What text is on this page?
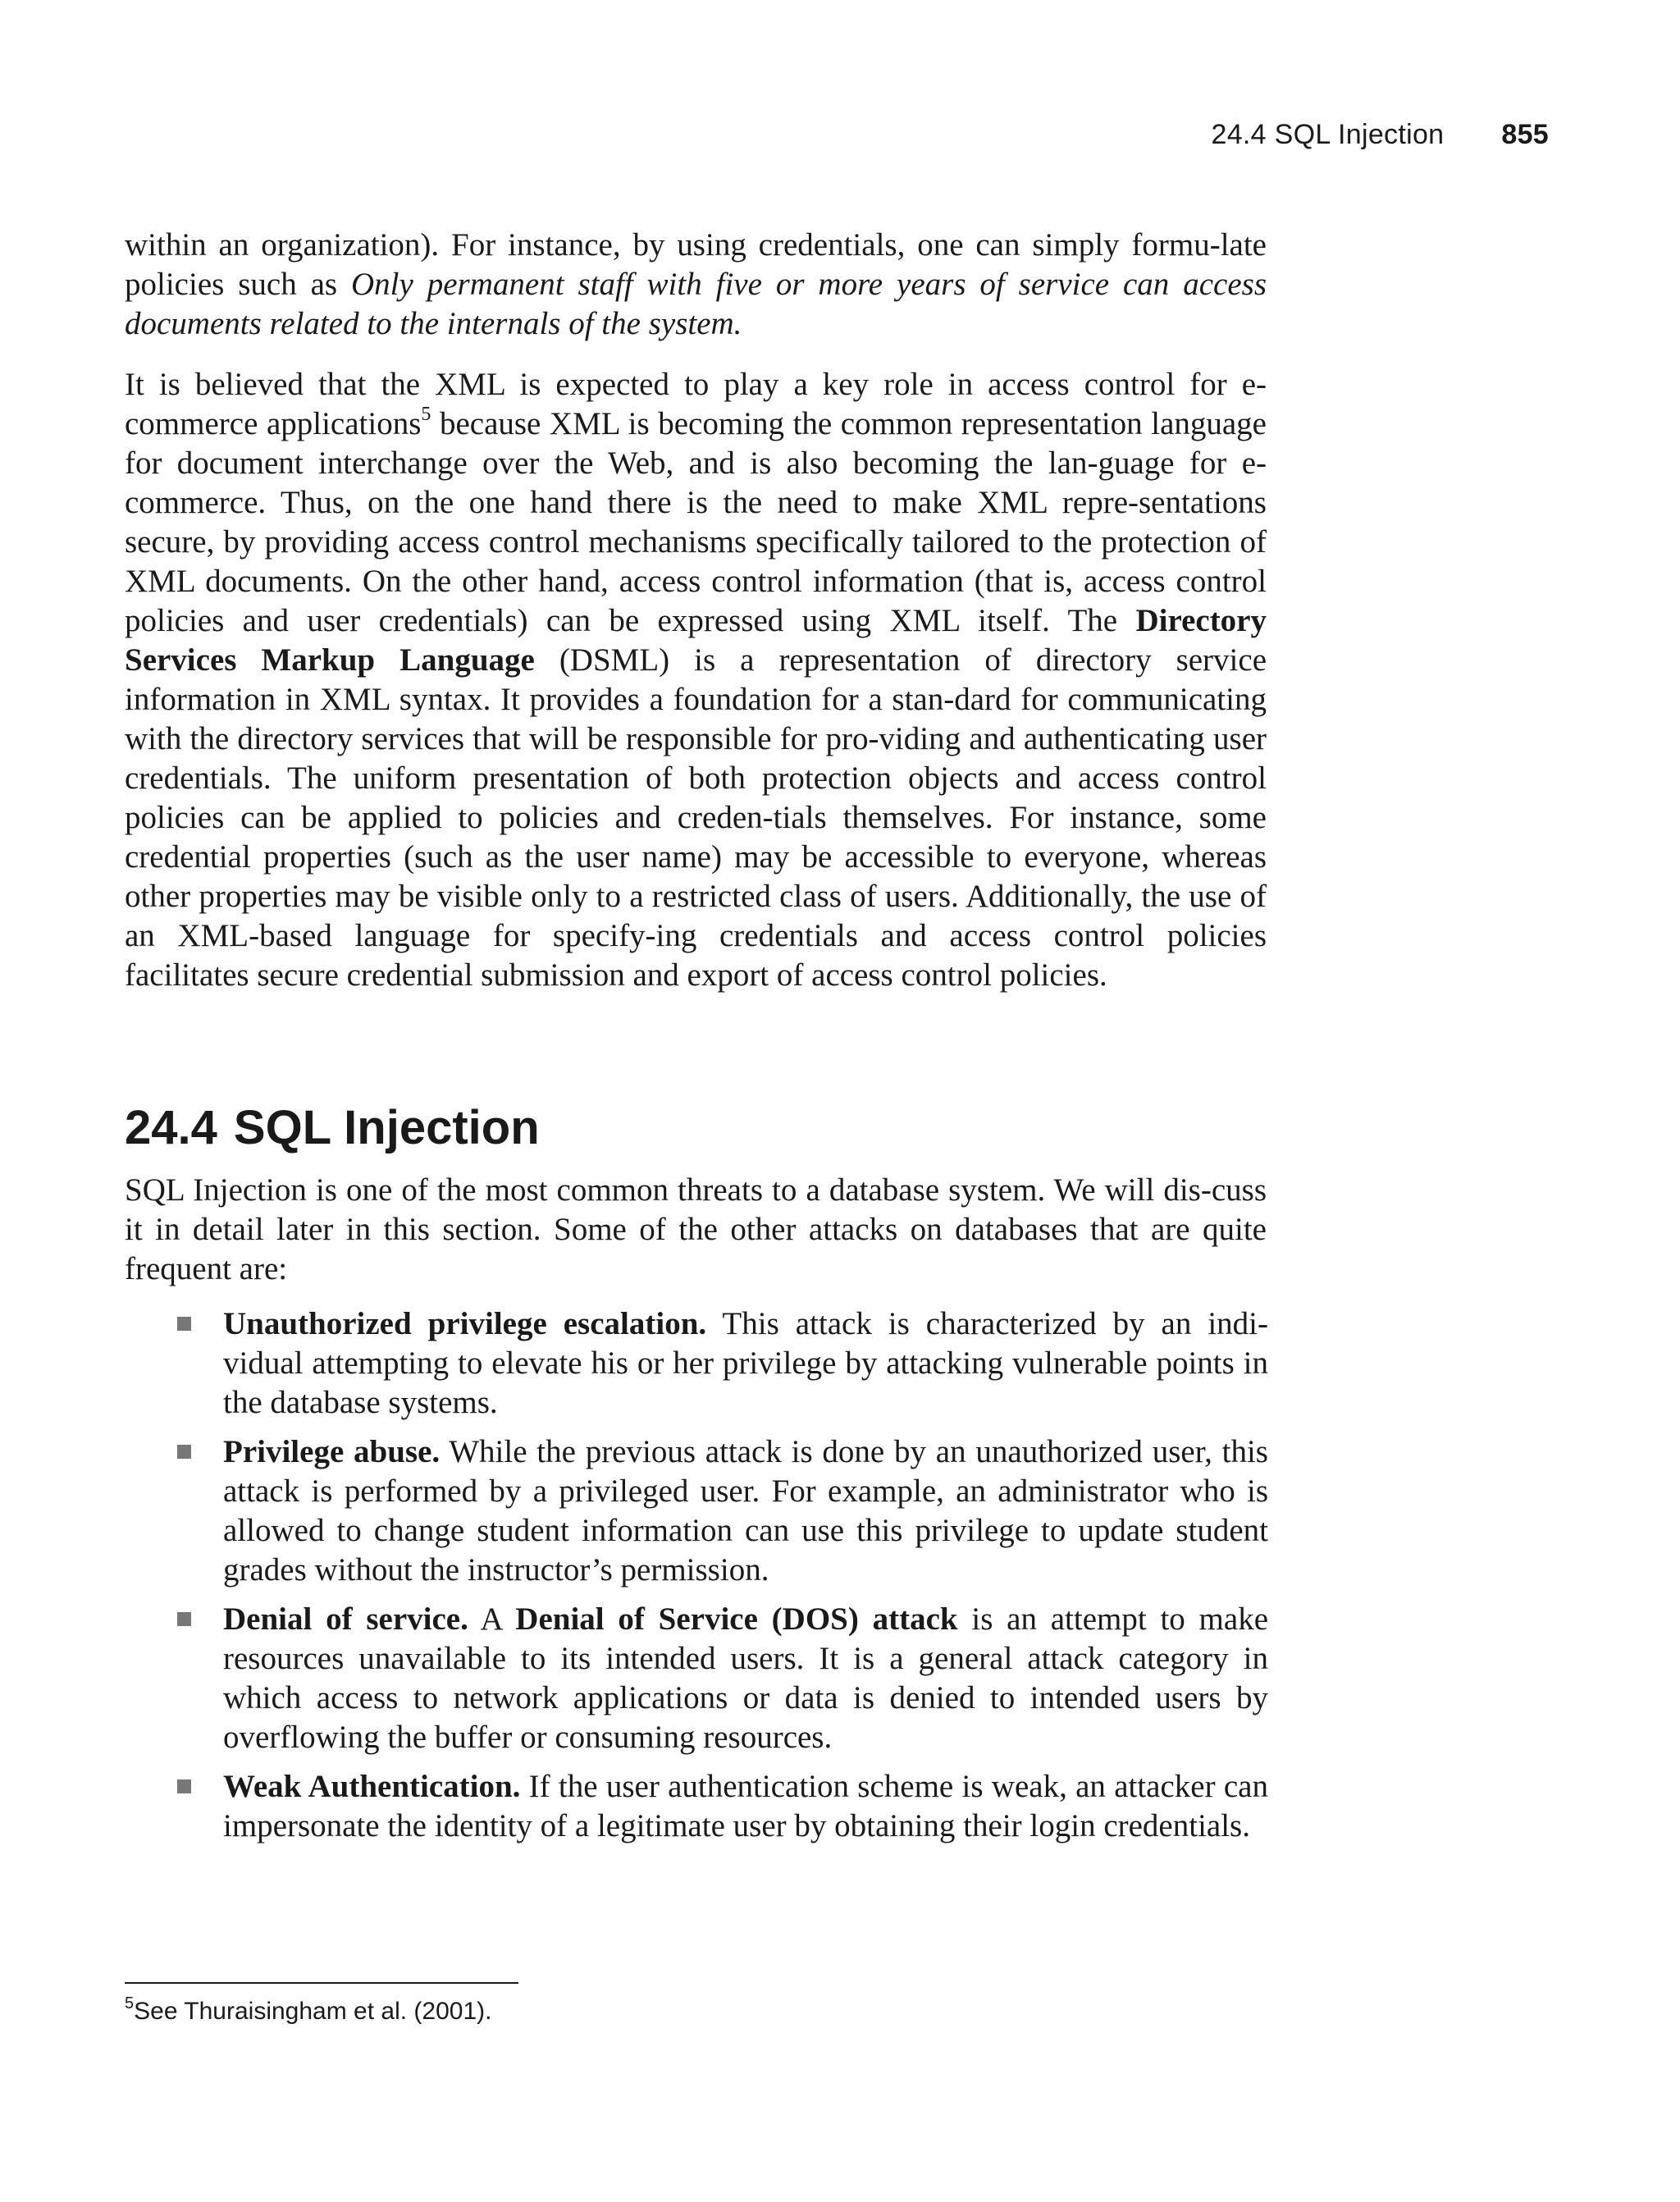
24.4 SQL Injection 855

within an organization). For instance, by using credentials, one can simply formu-late policies such as Only permanent staff with five or more years of service can access documents related to the internals of the system.

It is believed that the XML is expected to play a key role in access control for e-commerce applications$^5$ because XML is becoming the common representation language for document interchange over the Web, and is also becoming the lan-guage for e-commerce. Thus, on the one hand there is the need to make XML repre-sentations secure, by providing access control mechanisms specifically tailored to the protection of XML documents. On the other hand, access control information (that is, access control policies and user credentials) can be expressed using XML itself. The Directory Services Markup Language (DSML) is a representation of directory service information in XML syntax. It provides a foundation for a stan-dard for communicating with the directory services that will be responsible for pro-viding and authenticating user credentials. The uniform presentation of both protection objects and access control policies can be applied to policies and creden-tials themselves. For instance, some credential properties (such as the user name) may be accessible to everyone, whereas other properties may be visible only to a restricted class of users. Additionally, the use of an XML-based language for specify-ing credentials and access control policies facilitates secure credential submission and export of access control policies.

24.4 SQL Injection

SQL Injection is one of the most common threats to a database system. We will dis-cuss it in detail later in this section. Some of the other attacks on databases that are quite frequent are:

Unauthorized privilege escalation. This attack is characterized by an indi-vidual attempting to elevate his or her privilege by attacking vulnerable points in the database systems.
Privilege abuse. While the previous attack is done by an unauthorized user, this attack is performed by a privileged user. For example, an administrator who is allowed to change student information can use this privilege to update student grades without the instructor’s permission.
Denial of service. A Denial of Service (DOS) attack is an attempt to make resources unavailable to its intended users. It is a general attack category in which access to network applications or data is denied to intended users by overflowing the buffer or consuming resources.
Weak Authentication. If the user authentication scheme is weak, an attacker can impersonate the identity of a legitimate user by obtaining their login credentials.
$^5$See Thuraisingham et al. (2001).
